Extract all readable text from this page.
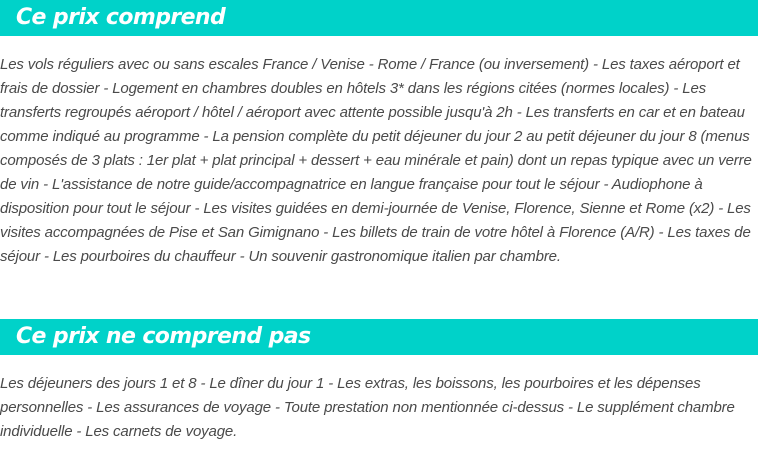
Ce prix comprend

Les vols réguliers avec ou sans escales France / Venise - Rome / France (ou inversement) - Les taxes aéroport et frais de dossier - Logement en chambres doubles en hôtels 3* dans les régions citées (normes locales) - Les transferts regroupés aéroport / hôtel / aéroport avec attente possible jusqu'à 2h - Les transferts en car et en bateau comme indiqué au programme - La pension complète du petit déjeuner du jour 2 au petit déjeuner du jour 8 (menus composés de 3 plats : 1er plat + plat principal + dessert + eau minérale et pain) dont un repas typique avec un verre de vin - L'assistance de notre guide/accompagnatrice en langue française pour tout le séjour - Audiophone à disposition pour tout le séjour - Les visites guidées en demi-journée de Venise, Florence, Sienne et Rome (x2) - Les visites accompagnées de Pise et San Gimignano - Les billets de train de votre hôtel à Florence (A/R) - Les taxes de séjour - Les pourboires du chauffeur - Un souvenir gastronomique italien par chambre.

Ce prix ne comprend pas

Les déjeuners des jours 1 et 8 - Le dîner du jour 1 - Les extras, les boissons, les pourboires et les dépenses personnelles - Les assurances de voyage - Toute prestation non mentionnée ci-dessus - Le supplément chambre individuelle - Les carnets de voyage.
